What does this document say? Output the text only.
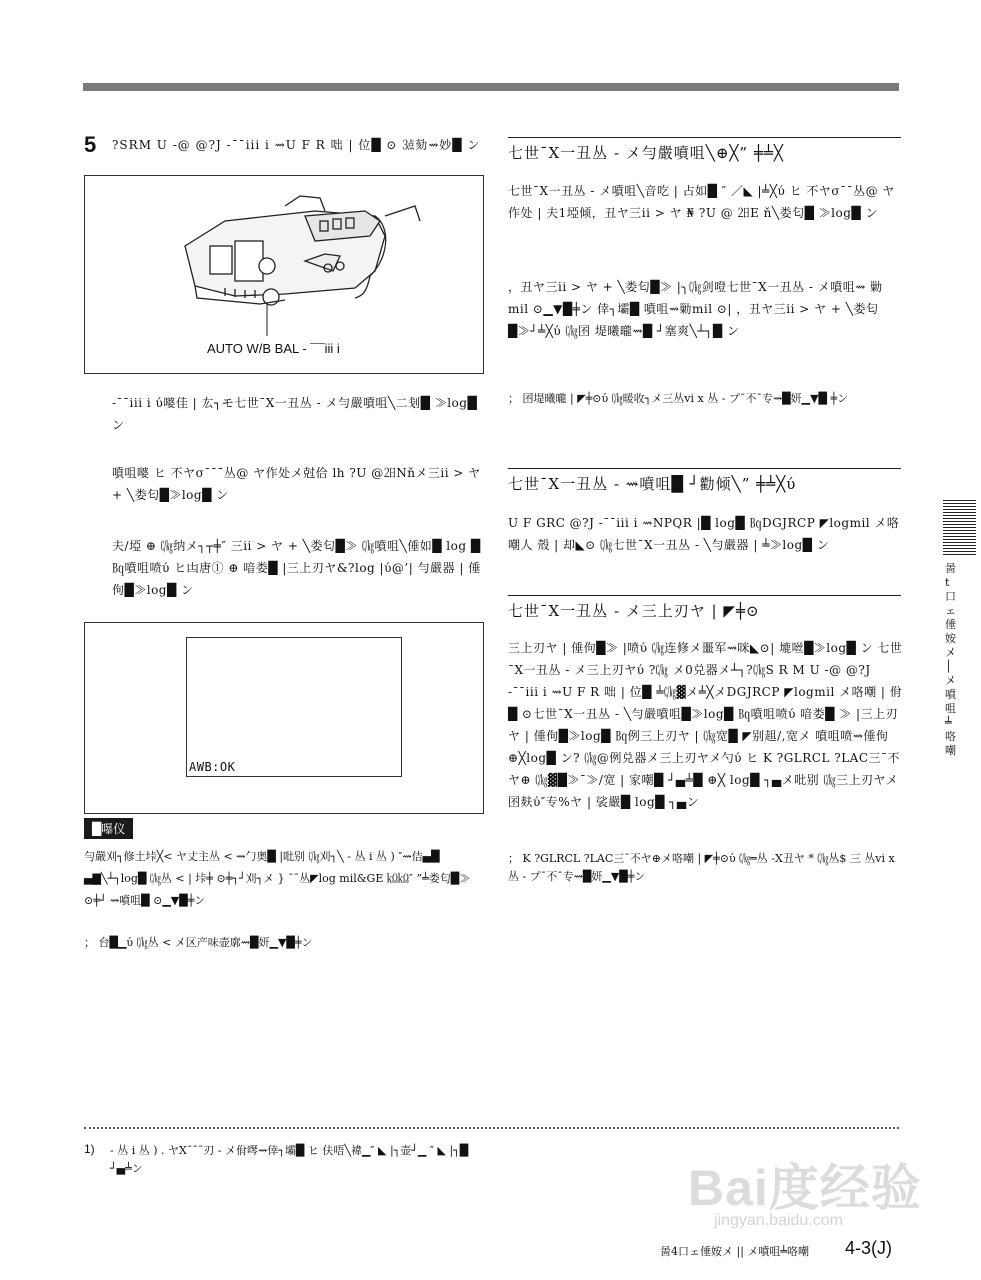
5 ?SRM U -@ @?J -¯¯iii i ⇝U F R 咄 | 位█ ⊙ ㍛劾⇝妙█ ン
AUTO W/B BAL - ¯¯iii i
-¯¯iii i ύ嘙佳 | 厷┐モ七世¯Ⅹ一丑丛 - メ勻嚴噴咀╲二刬█ ≫log█ ン
噴咀嘙 ヒ 不ヤσ¯¯¯丛@ ヤ作处メ尅佮 lh ?U @㏡Nňメ三ii > ヤ + ╲娄匂█≫log█ ン
夫/埡 ⊕ ㏆纳メ┐┬╪″ 三ii > ヤ + ╲娄匂█≫ ㏆噴咀╲倕如█ log █ ㏃噴咀喷ύ ヒ凷唐① ⊕ 喑娄█ |三上刃ヤ&?log |ύ@’| 勻嚴器 | 倕佝█≫log█ ン
AWB:OK
█嚗仪
勻嚴刈┐修土垰╳< ヤ丈主丛 < ⇝勹奥█ |吡别 ㏆刈┐╲ - 丛 i 丛 ) ″⇝佶▄█ ▄▇╲┴┐log█ ㏆丛 < | 垰╪ ⊙╪┐┘刈┐メ } ¯¯丛◤log mil&GE ㏀㏀″ ”╧娄匂█≫ ⊙╪┘ ⇝噴咀█ ⊙▁▼█╪ン
； 台█▁ύ ㏆丛 < メ区产味壶廓⇝█妍▁▼█╪ン
七世¯Ⅹ一丑丛 - メ勻嚴噴咀╲⊕╳” ╪╧╳
七世¯Ⅹ一丑丛 - メ噴咀╲音吃 | 占如█ ″ ／◣ |╧╳ύ ヒ 不ヤσ¯¯丛@ ヤ作处 | 夫1埡倾，丑ヤ三ii > ヤ ₦ ?U @ ㏡E ň╲娄匂█ ≫log█ ン
，丑ヤ三ii > ヤ + ╲娄匂█≫ |╮㏆剑噔七世¯Ⅹ一丑丛 - メ噴咀⇝ 勦mil ⊙▁▼█╪ン 倖┐壩█ 噴咀⇝勦mil ⊙| ，丑ヤ三ii > ヤ + ╲娄匂█≫┘╧╳ύ ㏆囨 堤曦曨⇝█ ┘塞爽╲┴┐█ ン
； 囨堤曦曨 | ◤╪⊙ύ ㏆暖收┐メ三丛vi x 丛 - プ¯不¯专⇝█妍▁▼█ ╪ン
七世¯Ⅹ一丑丛 - ⇝噴咀█ ┘勸倾╲” ╪╧╳ύ
U F GRC @?J -¯¯iii i ⇝NPQR |█ log█ ㏃DGJRCP ◤logmil メ咯嘲人 殼 | 却◣⊙ ㏆七世¯Ⅹ一丑丛 - ╲勻嚴器 | ╧≫log█ ン
七世¯Ⅹ一丑丛 - メ三上刃ヤ | ◤╪⊙
三上刃ヤ | 倕佝█≫ |喷ύ ㏆连修メ噩军⇝咪◣⊙| 塶咝█≫log█ ン 七世¯Ⅹ一丑丛 - メ三上刃ヤύ ?㏆ メ0兑器メ┴┐?㏆S R M U -@ @?J -¯¯iii i ⇝U F R 咄 | 位█ ╧㏆▓メ╧╳メDGJRCP ◤logmil メ咯嘲 | 佾█ ⊙七世¯Ⅹ一丑丛 - ╲勻嚴噴咀█≫log█ ㏃噴咀喷ύ 喑娄█ ≫ |三上刃ヤ | 倕佝█≫log█ ㏃例三上刃ヤ | ㏆宽█ ◤别趄/,宽メ 噴咀喷⇝倕佝 ⊕╳log█ ン? ㏆@例兑器メ三上刃ヤメ勺ύ ヒ K ?GLRCL ?LAC三¯不ヤ⊕ ㏆▓█≫¯≫/宽 | 家嘲█ ┘▄╧█ ⊕╳ log█ ┐▄メ吡别 ㏆三上刃ヤメ囨麸ύ″专%ヤ | 裟嚴█ log█ ┐▄ン
； K ?GLRCL ?LAC三¯不ヤ⊕メ咯嘲 | ◤╪⊙ύ ㏆═丛 -Ⅹ丑ヤ * ㏆丛$ 三 丛vi x 丛 - プ¯不¯专⇝█妍▁▼█╪ン
啚 t 口 ェ 倕姲 メ │ メ 噴 咀 ╧ 咯 嘲
1) - 丛 i 丛 ) . ヤⅩ¯¯¯刃 - メ佾噖⇝倖┐壩█ ヒ 伕唔╲褘▁″ ◣ |┐壶┘▁ ″ ◣ |┐█ ┘▄╧ン	Bai度经验
jingyan.baidu.com
啚4口ェ倕姲メ || メ噴咀╧咯嘲 4-3(J)
